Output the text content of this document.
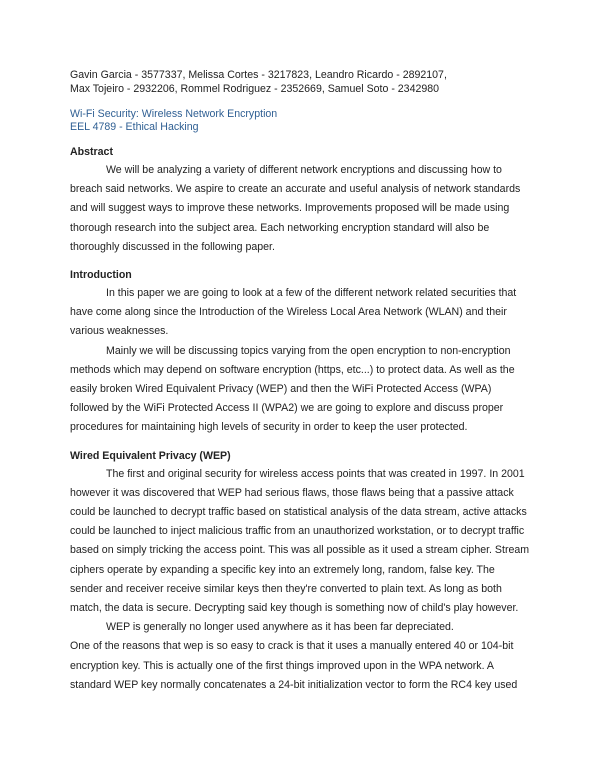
Gavin Garcia - 3577337, Melissa Cortes - 3217823, Leandro Ricardo - 2892107,
Max Tojeiro - 2932206, Rommel Rodriguez - 2352669, Samuel Soto - 2342980
Wi-Fi Security: Wireless Network Encryption
EEL 4789 - Ethical Hacking
Abstract

We will be analyzing a variety of different network encryptions and discussing how to breach said networks. We aspire to create an accurate and useful analysis of network standards and will suggest ways to improve these networks. Improvements proposed will be made using thorough research into the subject area. Each networking encryption standard will also be thoroughly discussed in the following paper.

Introduction

In this paper we are going to look at a few of the different network related securities that have come along since the Introduction of the Wireless Local Area Network (WLAN) and their various weaknesses.

Mainly we will be discussing topics varying from the open encryption to non-encryption methods which may depend on software encryption (https, etc...) to protect data. As well as the easily broken Wired Equivalent Privacy (WEP) and then the WiFi Protected Access (WPA) followed by the WiFi Protected Access II (WPA2) we are going to explore and discuss proper procedures for maintaining high levels of security in order to keep the user protected.

Wired Equivalent Privacy (WEP)

The first and original security for wireless access points that was created in 1997. In 2001 however it was discovered that WEP had serious flaws, those flaws being that a passive attack could be launched to decrypt traffic based on statistical analysis of the data stream, active attacks could be launched to inject malicious traffic from an unauthorized workstation, or to decrypt traffic based on simply tricking the access point. This was all possible as it used a stream cipher. Stream ciphers operate by expanding a specific key into an extremely long, random, false key. The sender and receiver receive similar keys then they're converted to plain text. As long as both match, the data is secure. Decrypting said key though is something now of child's play however.

WEP is generally no longer used anywhere as it has been far depreciated.

One of the reasons that wep is so easy to crack is that it uses a manually entered 40 or 104-bit encryption key. This is actually one of the first things improved upon in the WPA network. A standard WEP key normally concatenates a 24-bit initialization vector to form the RC4 key used
